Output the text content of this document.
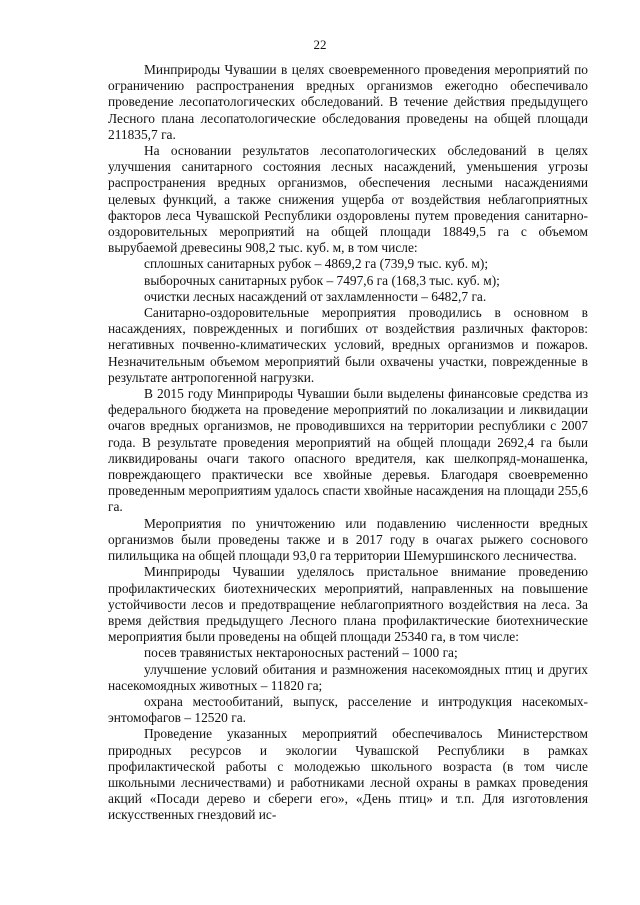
22

Минприроды Чувашии в целях своевременного проведения мероприятий по ограничению распространения вредных организмов ежегодно обеспечивало проведение лесопатологических обследований. В течение действия предыдущего Лесного плана лесопатологические обследования проведены на общей площади 211835,7 га.

На основании результатов лесопатологических обследований в целях улучшения санитарного состояния лесных насаждений, уменьшения угрозы распространения вредных организмов, обеспечения лесными насаждениями целевых функций, а также снижения ущерба от воздействия неблагоприятных факторов леса Чувашской Республики оздоровлены путем проведения санитарно-оздоровительных мероприятий на общей площади 18849,5 га с объемом вырубаемой древесины 908,2 тыс. куб. м, в том числе:

сплошных санитарных рубок – 4869,2 га (739,9 тыс. куб. м);

выборочных санитарных рубок – 7497,6 га (168,3 тыс. куб. м);

очистки лесных насаждений от захламленности – 6482,7 га.

Санитарно-оздоровительные мероприятия проводились в основном в насаждениях, поврежденных и погибших от воздействия различных факторов: негативных почвенно-климатических условий, вредных организмов и пожаров. Незначительным объемом мероприятий были охвачены участки, поврежденные в результате антропогенной нагрузки.

В 2015 году Минприроды Чувашии были выделены финансовые средства из федерального бюджета на проведение мероприятий по локализации и ликвидации очагов вредных организмов, не проводившихся на территории республики с 2007 года. В результате проведения мероприятий на общей площади 2692,4 га были ликвидированы очаги такого опасного вредителя, как шелкопряд-монашенка, повреждающего практически все хвойные деревья. Благодаря своевременно проведенным мероприятиям удалось спасти хвойные насаждения на площади 255,6 га.

Мероприятия по уничтожению или подавлению численности вредных организмов были проведены также и в 2017 году в очагах рыжего соснового пилильщика на общей площади 93,0 га территории Шемуршинского лесничества.

Минприроды Чувашии уделялось пристальное внимание проведению профилактических биотехнических мероприятий, направленных на повышение устойчивости лесов и предотвращение неблагоприятного воздействия на леса. За время действия предыдущего Лесного плана профилактические биотехнические мероприятия были проведены на общей площади 25340 га, в том числе:

посев травянистых нектароносных растений – 1000 га;

улучшение условий обитания и размножения насекомоядных птиц и других насекомоядных животных – 11820 га;

охрана местообитаний, выпуск, расселение и интродукция насекомых-энтомофагов – 12520 га.

Проведение указанных мероприятий обеспечивалось Министерством природных ресурсов и экологии Чувашской Республики в рамках профилактической работы с молодежью школьного возраста (в том числе школьными лесничествами) и работниками лесной охраны в рамках проведения акций «Посади дерево и сбереги его», «День птиц» и т.п. Для изготовления искусственных гнездовий ис-
